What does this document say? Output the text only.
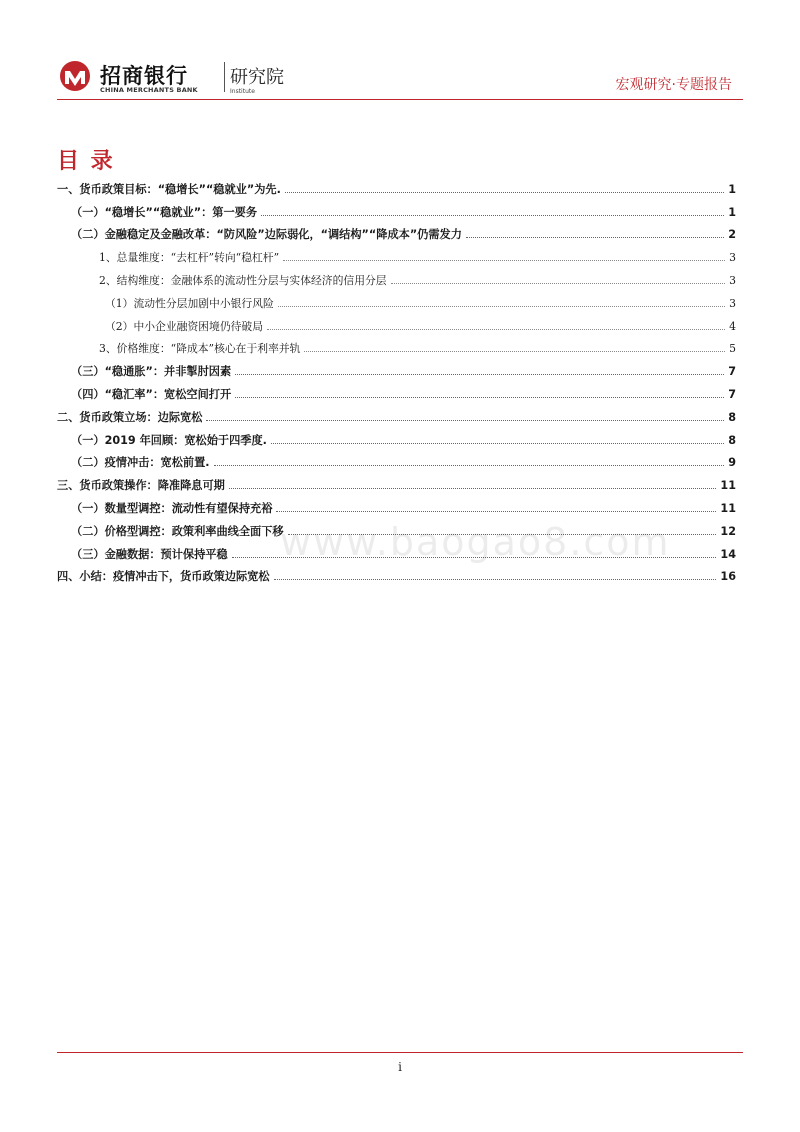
招商银行
CHINA MERCHANTS BANK
研究院
Institute	宏观研究·专题报告
目 录
一、货币政策目标：“稳增长”“稳就业”为先.	1
（一）“稳增长”“稳就业”：第一要务	1
（二）金融稳定及金融改革：“防风险”边际弱化，“调结构”“降成本”仍需发力	2
1、总量维度：“去杠杆”转向“稳杠杆”	3
2、结构维度：金融体系的流动性分层与实体经济的信用分层	3
（1）流动性分层加剧中小银行风险	3
（2）中小企业融资困境仍待破局	4
3、价格维度：“降成本”核心在于利率并轨	5
（三）“稳通胀”：并非掣肘因素	7
（四）“稳汇率”：宽松空间打开	7
二、货币政策立场：边际宽松	8
（一）2019 年回顾：宽松始于四季度.	8
（二）疫情冲击：宽松前置.	9
三、货币政策操作：降准降息可期	11
（一）数量型调控：流动性有望保持充裕	11
（二）价格型调控：政策利率曲线全面下移	12
（三）金融数据：预计保持平稳	14
四、小结：疫情冲击下，货币政策边际宽松	16
www.baogao8.com
i
